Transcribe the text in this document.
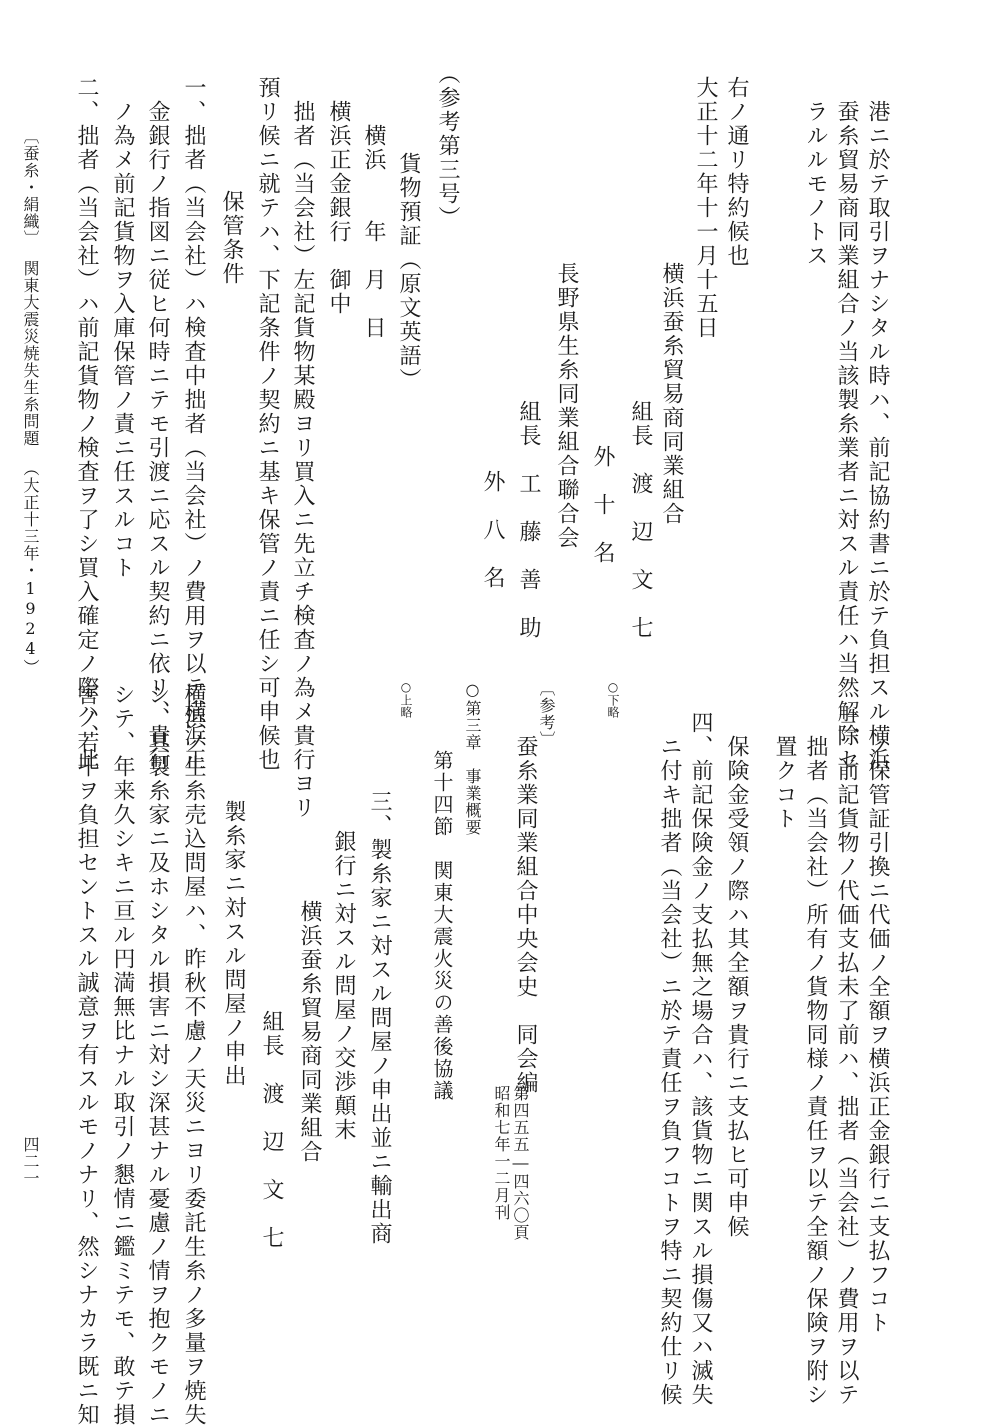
港ニ於テ取引ヲナシタル時ハ、前記協約書ニ於テ負担スル横浜
蚕糸貿易商同業組合ノ当該製糸業者ニ対スル責任ハ当然解除セ
ラルルモノトス
右ノ通リ特約候也
大正十二年十一月十五日
横浜蚕糸貿易商同業組合
組長　渡　辺　文　七
外　十　名
長野県生糸同業組合聯合会
組長　工　藤　善　助
外　八　名
（参考第三号）
貨物預証（原文英語）
横浜　　年　月　日
横浜正金銀行　御中
拙者（当会社）左記貨物某殿ヨリ買入ニ先立チ検査ノ為メ貴行ヨリ
預リ候ニ就テハ、下記条件ノ契約ニ基キ保管ノ責ニ任シ可申候也
保管条件
一、拙者（当会社）ハ検査中拙者（当会社）ノ費用ヲ以テ横浜正
金銀行ノ指図ニ従ヒ何時ニテモ引渡ニ応スル契約ニ依リ、貴行
ノ為メ前記貨物ヲ入庫保管ノ責ニ任スルコト
二、拙者（当会社）ハ前記貨物ノ検査ヲ了シ買入確定ノ際ハ、此
ノ保管証引換ニ代価ノ全額ヲ横浜正金銀行ニ支払フコト
三、前記貨物ノ代価支払未了前ハ、拙者（当会社）ノ費用ヲ以テ
拙者（当会社）所有ノ貨物同様ノ責任ヲ以テ全額ノ保険ヲ附シ
置クコト
保険金受領ノ際ハ其全額ヲ貴行ニ支払ヒ可申候
四、前記保険金ノ支払無之場合ハ、該貨物ニ関スル損傷又ハ滅失
ニ付キ拙者（当会社）ニ於テ責任ヲ負フコトヲ特ニ契約仕リ候
○下略
〔参考〕
蚕糸業同業組合中央会史　同会編
第四五五―四六〇頁
昭和七年一二月刊
○第三章　事業概要
第十四節　関東大震火災の善後協議
○上略
三、製糸家ニ対スル問屋ノ申出並ニ輸出商
銀行ニ対スル問屋ノ交渉顛末
横浜蚕糸貿易商同業組合
組長　渡　辺　文　七
製糸家ニ対スル問屋ノ申出
横浜ノ生糸売込問屋ハ、昨秋不慮ノ天災ニヨリ委託生糸ノ多量ヲ焼失
シ、其製糸家ニ及ホシタル損害ニ対シ深甚ナル憂慮ノ情ヲ抱クモノニ
シテ、年来久シキニ亘ル円満無比ナル取引ノ懇情ニ鑑ミテモ、敢テ損
害ノ若干ヲ負担セントスル誠意ヲ有スルモノナリ、然シナカラ既ニ知
〔蚕糸・絹織〕
関東大震災焼失生糸問題
（大正十三年・1924）
四二一
